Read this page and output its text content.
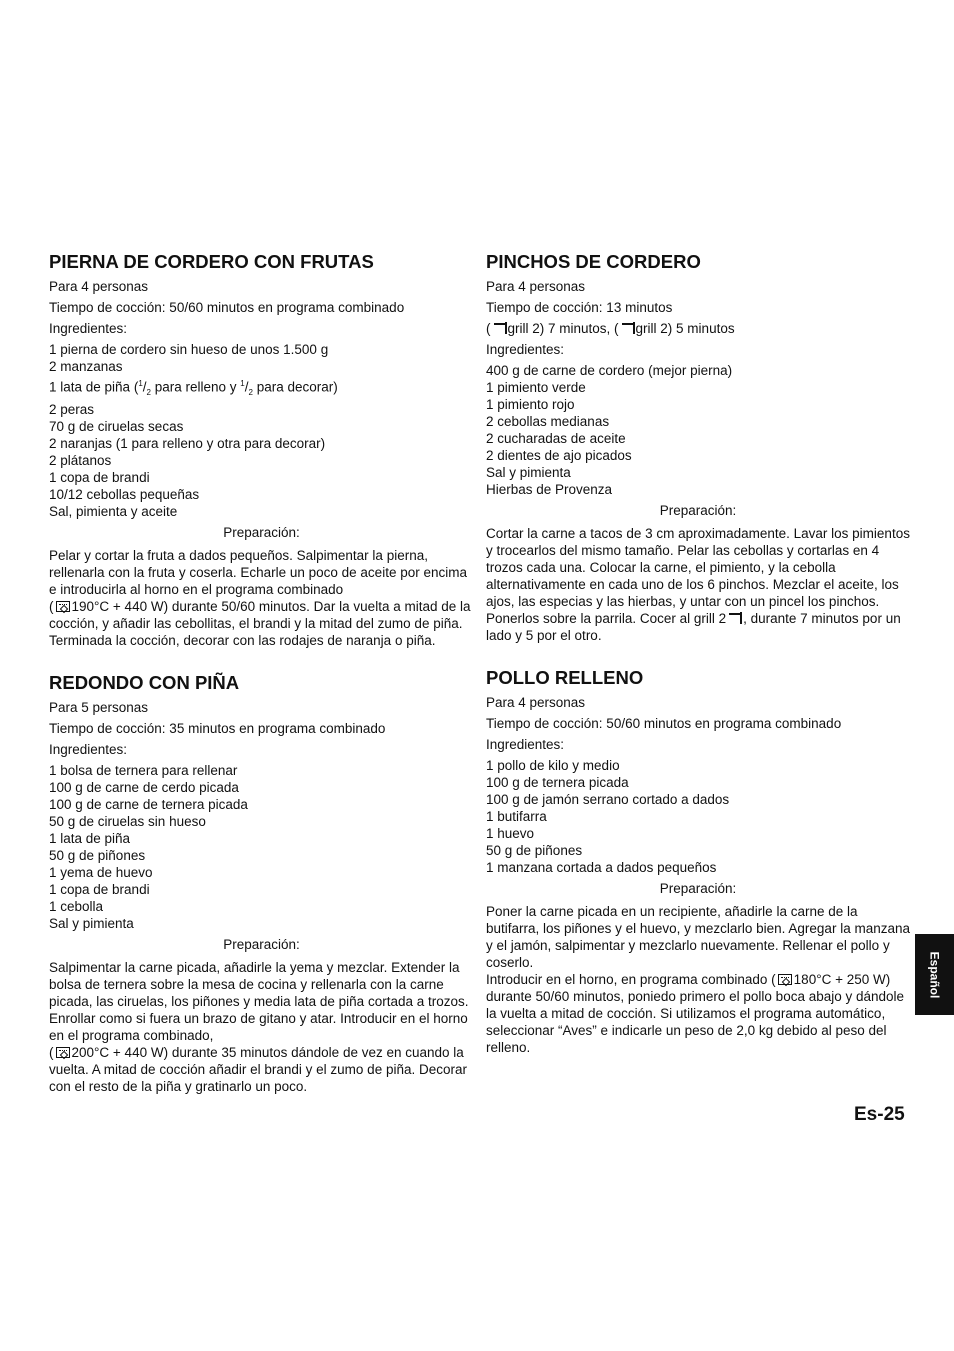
PIERNA DE CORDERO CON FRUTAS

Para 4 personas

Tiempo de cocción: 50/60 minutos en programa combinado

Ingredientes:

1 pierna de cordero sin hueso de unos 1.500 g

2 manzanas

1 lata de piña ($^1/_2$ para relleno y $^1/_2$ para decorar)

2 peras

70 g de ciruelas secas

2 naranjas (1 para relleno y otra para decorar)

2 plátanos

1 copa de brandi

10/12 cebollas pequeñas

Sal, pimienta y aceite

Preparación:

Pelar y cortar la fruta a dados pequeños. Salpimentar la pierna, rellenarla con la fruta y coserla. Echarle un poco de aceite por encima e introducirla al horno en el programa combinado

( 190°C + 440 W) durante 50/60 minutos. Dar la vuelta a mitad de la cocción, y añadir las cebollitas, el brandi y la mitad del zumo de piña. Terminada la cocción, decorar con las rodajes de naranja o piña.

REDONDO CON PIÑA

Para 5 personas

Tiempo de cocción: 35 minutos en programa combinado

Ingredientes:

1 bolsa de ternera para rellenar

100 g de carne de cerdo picada

100 g de carne de ternera picada

50 g de ciruelas sin hueso

1 lata de piña

50 g de piñones

1 yema de huevo

1 copa de brandi

1 cebolla

Sal y pimienta

Preparación:

Salpimentar la carne picada, añadirle la yema y mezclar. Extender la bolsa de ternera sobre la mesa de cocina y rellenarla con la carne picada, las ciruelas, los piñones y media lata de piña cortada a trozos. Enrollar como si fuera un brazo de gitano y atar. Introducir en el horno en el programa combinado,

( 200°C + 440 W) durante 35 minutos dándole de vez en cuando la vuelta. A mitad de cocción añadir el brandi y el zumo de piña. Decorar con el resto de la piña y gratinarlo un poco.

PINCHOS DE CORDERO

Para 4 personas

Tiempo de cocción: 13 minutos

( grill 2) 7 minutos, ( grill 2) 5 minutos

Ingredientes:

400 g de carne de cordero (mejor pierna)

1 pimiento verde

1 pimiento rojo

2 cebollas medianas

2 cucharadas de aceite

2 dientes de ajo picados

Sal y pimienta

Hierbas de Provenza

Preparación:

Cortar la carne a tacos de 3 cm aproximadamente. Lavar los pimientos y trocearlos del mismo tamaño. Pelar las cebollas y cortarlas en 4 trozos cada una. Colocar la carne, el pimiento, y la cebolla alternativamente en cada uno de los 6 pinchos. Mezclar el aceite, los ajos, las especias y las hierbas, y untar con un pincel los pinchos.

Ponerlos sobre la parrila. Cocer al grill 2 , durante 7 minutos por un lado y 5 por el otro.

POLLO RELLENO

Para 4 personas

Tiempo de cocción: 50/60 minutos en programa combinado

Ingredientes:

1 pollo de kilo y medio

100 g de ternera picada

100 g de jamón serrano cortado a dados

1 butifarra

1 huevo

50 g de piñones

1 manzana cortada a dados pequeños

Preparación:

Poner la carne picada en un recipiente, añadirle la carne de la butifarra, los piñones y el huevo, y mezclarlo bien. Agregar la manzana y el jamón, salpimentar y mezclarlo nuevamente. Rellenar el pollo y coserlo.

Introducir en el horno, en programa combinado ( 180°C + 250 W) durante 50/60 minutos, poniedo primero el pollo boca abajo y dándole la vuelta a mitad de cocción. Si utilizamos el programa automático, seleccionar “Aves” e indicarle un peso de 2,0 kg debido al peso del relleno.

Es-25
Español
